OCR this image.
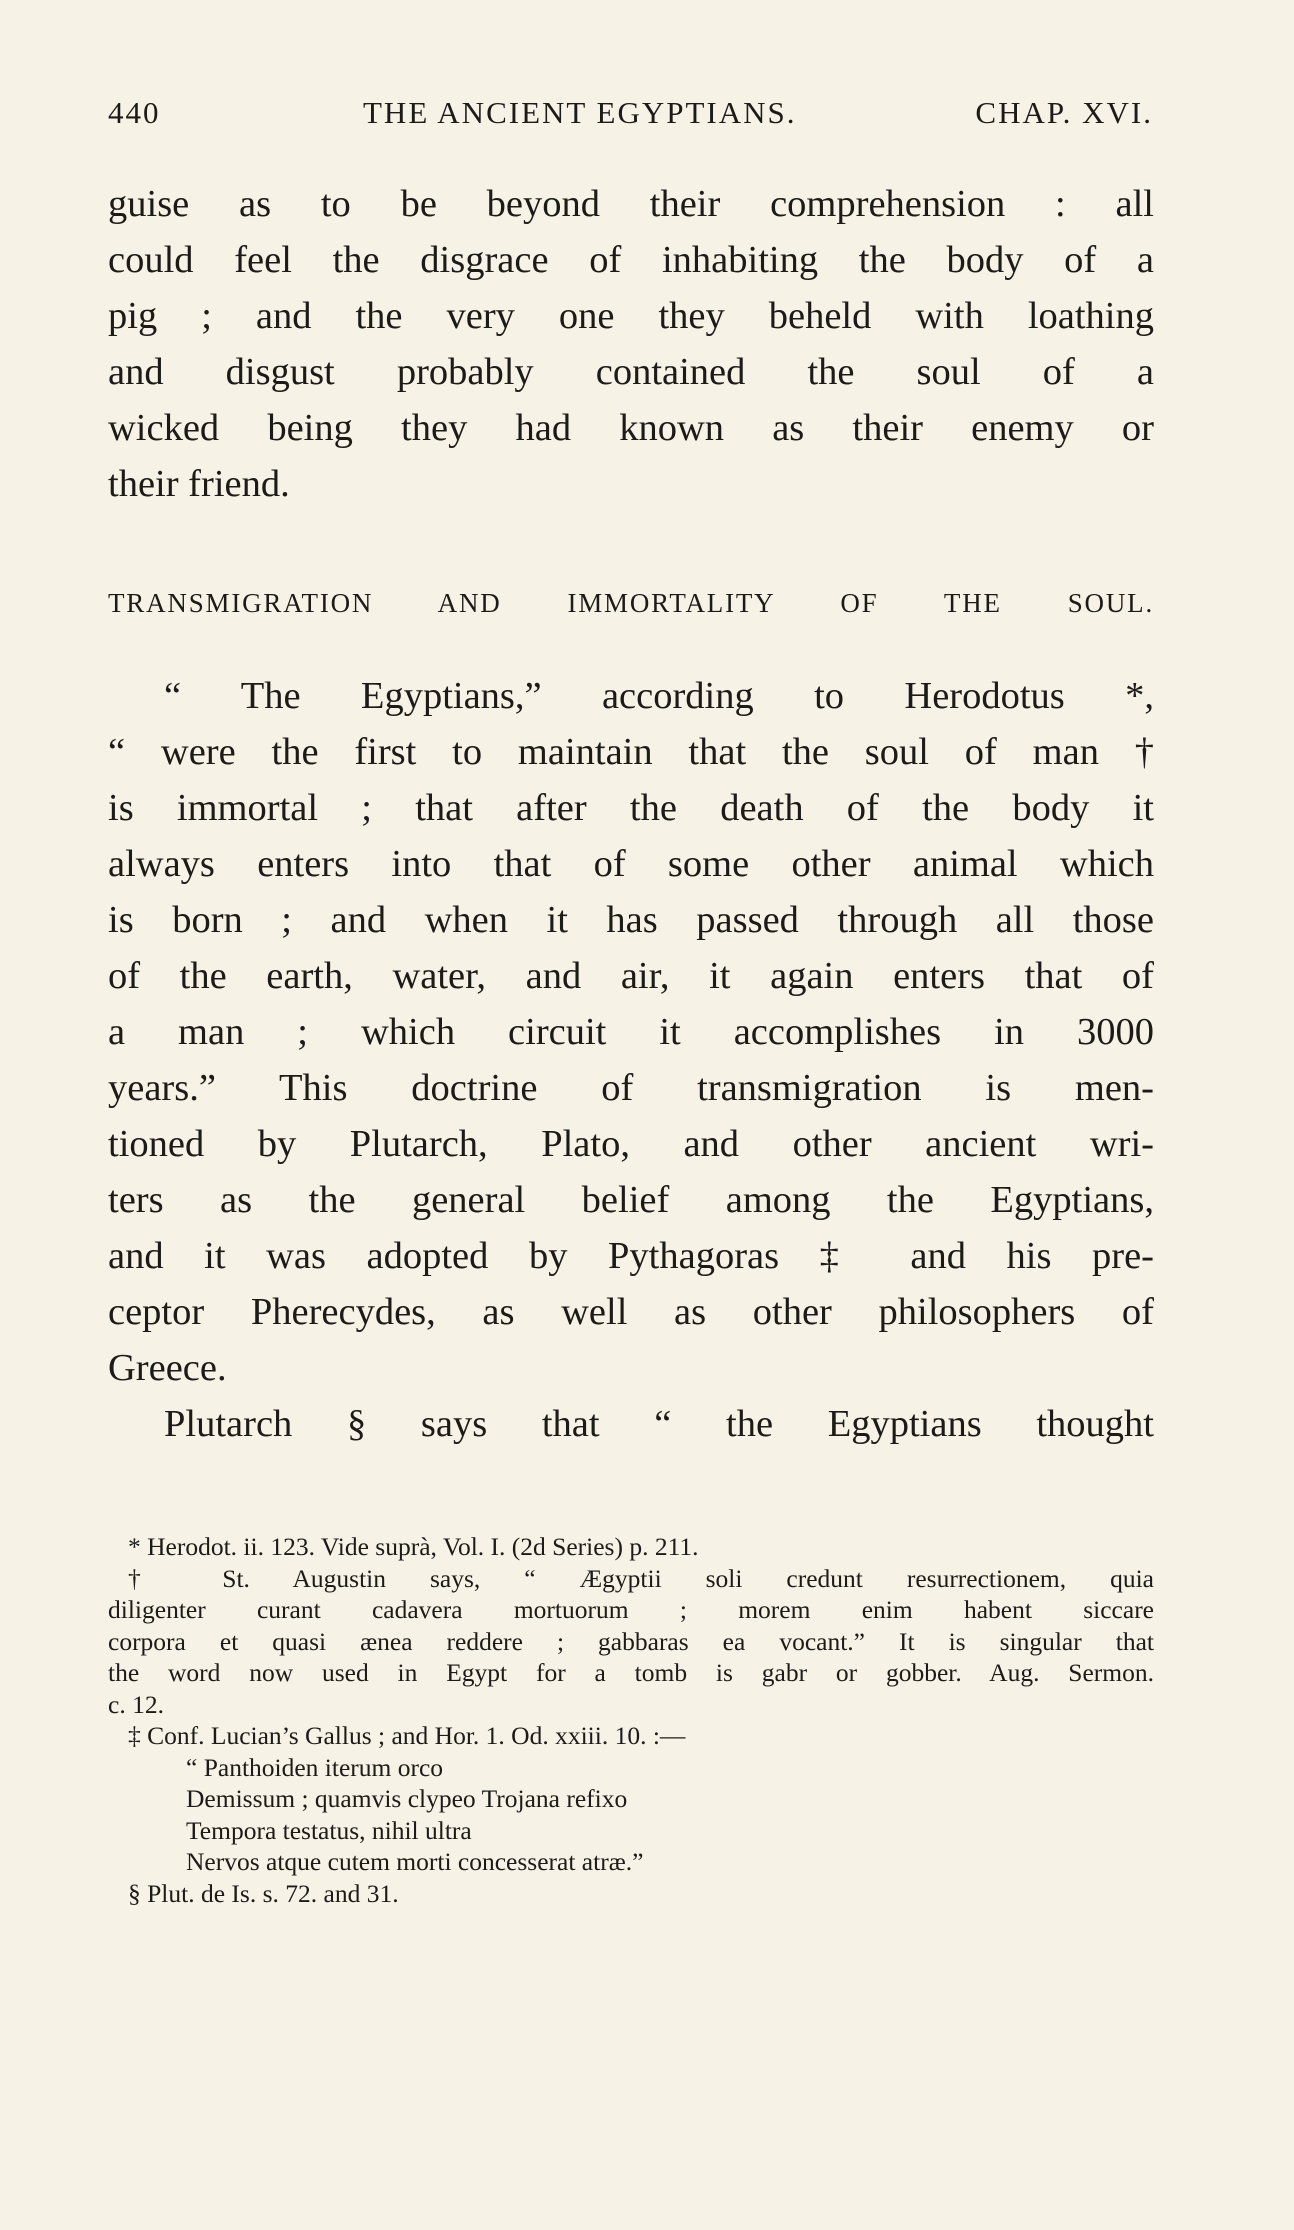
440	THE ANCIENT EGYPTIANS.	CHAP. XVI.
guise as to be beyond their comprehension : all
could feel the disgrace of inhabiting the body of a
pig ; and the very one they beheld with loathing
and disgust probably contained the soul of a
wicked being they had known as their enemy or
their friend.
TRANSMIGRATION AND IMMORTALITY OF THE SOUL.
“ The Egyptians,” according to Herodotus *,
“ were the first to maintain that the soul of man †
is immortal ; that after the death of the body it
always enters into that of some other animal which
is born ; and when it has passed through all those
of the earth, water, and air, it again enters that of
a man ; which circuit it accomplishes in 3000
years.” This doctrine of transmigration is men-
tioned by Plutarch, Plato, and other ancient wri-
ters as the general belief among the Egyptians,
and it was adopted by Pythagoras ‡ and his pre-
ceptor Pherecydes, as well as other philosophers of
Greece.
Plutarch § says that “ the Egyptians thought
* Herodot. ii. 123. Vide suprà, Vol. I. (2d Series) p. 211.
† St. Augustin says, “ Ægyptii soli credunt resurrectionem, quia
diligenter curant cadavera mortuorum ; morem enim habent siccare
corpora et quasi ænea reddere ; gabbaras ea vocant.” It is singular that
the word now used in Egypt for a tomb is gabr or gobber. Aug. Sermon.
c. 12.
‡ Conf. Lucian’s Gallus ; and Hor. 1. Od. xxiii. 10. :—
“ Panthoiden iterum orco
Demissum ; quamvis clypeo Trojana refixo
Tempora testatus, nihil ultra
Nervos atque cutem morti concesserat atræ.”
§ Plut. de Is. s. 72. and 31.
